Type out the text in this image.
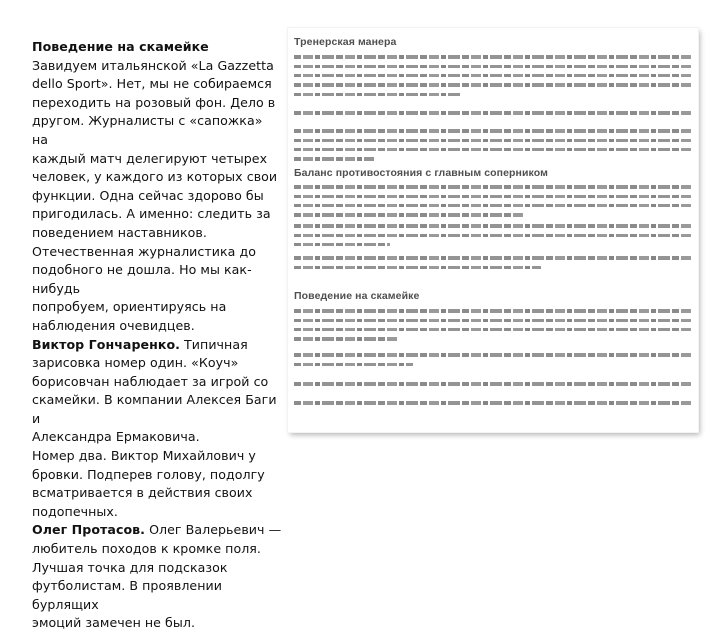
Поведение на скамейке

Завидуем итальянской «La Gazzetta

dello Sport». Нет, мы не собираемся

переходить на розовый фон. Дело в

другом. Журналисты с «сапожка» на

каждый матч делегируют четырех

человек, у каждого из которых свои

функции. Одна сейчас здорово бы

пригодилась. А именно: следить за

поведением наставников.

Отечественная журналистика до

подобного не дошла. Но мы как-нибудь

попробуем, ориентируясь на

наблюдения очевидцев.

Виктор Гончаренко. Типичная

зарисовка номер один. «Коуч»

борисовчан наблюдает за игрой со

скамейки. В компании Алексея Баги и

Александра Ермаковича.

Номер два. Виктор Михайлович у

бровки. Подперев голову, подолгу

всматривается в действия своих

подопечных.

Олег Протасов. Олег Валерьевич —

любитель походов к кромке поля.

Лучшая точка для подсказок

футболистам. В проявлении бурлящих

эмоций замечен не был.

Тренерская манера
Баланс противостояния с главным соперником
Поведение на скамейке
